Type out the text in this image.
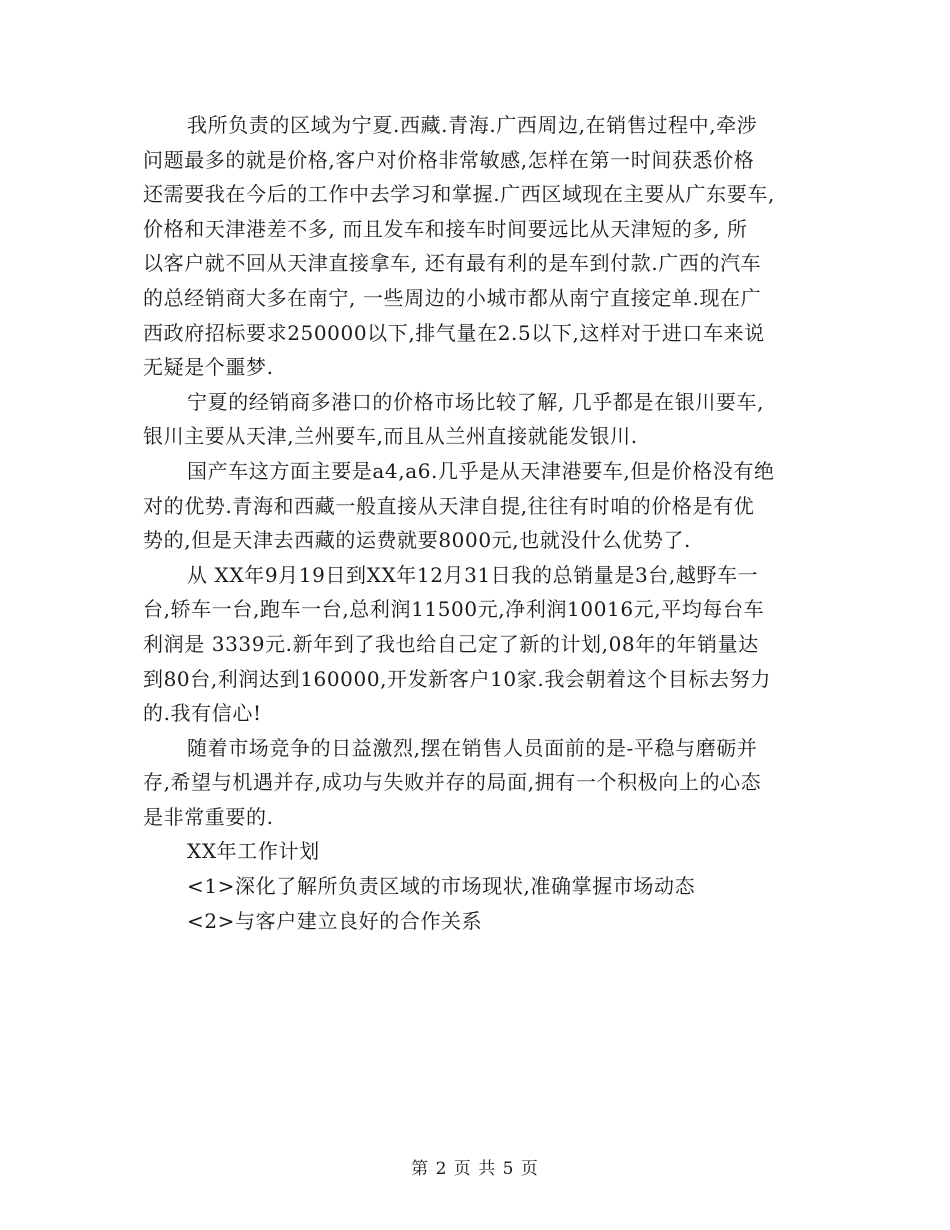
我所负责的区域为宁夏.西藏.青海.广西周边,在销售过程中,牵涉
问题最多的就是价格,客户对价格非常敏感,怎样在第一时间获悉价格
还需要我在今后的工作中去学习和掌握.广西区域现在主要从广东要车,
价格和天津港差不多, 而且发车和接车时间要远比从天津短的多, 所
以客户就不回从天津直接拿车, 还有最有利的是车到付款.广西的汽车
的总经销商大多在南宁, 一些周边的小城市都从南宁直接定单.现在广
西政府招标要求250000以下,排气量在2.5以下,这样对于进口车来说
无疑是个噩梦.
宁夏的经销商多港口的价格市场比较了解, 几乎都是在银川要车,
银川主要从天津,兰州要车,而且从兰州直接就能发银川.
国产车这方面主要是a4,a6.几乎是从天津港要车,但是价格没有绝
对的优势.青海和西藏一般直接从天津自提,往往有时咱的价格是有优
势的,但是天津去西藏的运费就要8000元,也就没什么优势了.
从 XX年9月19日到XX年12月31日我的总销量是3台,越野车一
台,轿车一台,跑车一台,总利润11500元,净利润10016元,平均每台车
利润是 3339元.新年到了我也给自己定了新的计划,08年的年销量达
到80台,利润达到160000,开发新客户10家.我会朝着这个目标去努力
的.我有信心!
随着市场竞争的日益激烈,摆在销售人员面前的是-平稳与磨砺并
存,希望与机遇并存,成功与失败并存的局面,拥有一个积极向上的心态
是非常重要的.
XX年工作计划
<1>深化了解所负责区域的市场现状,准确掌握市场动态
<2>与客户建立良好的合作关系
第 2 页 共 5 页
